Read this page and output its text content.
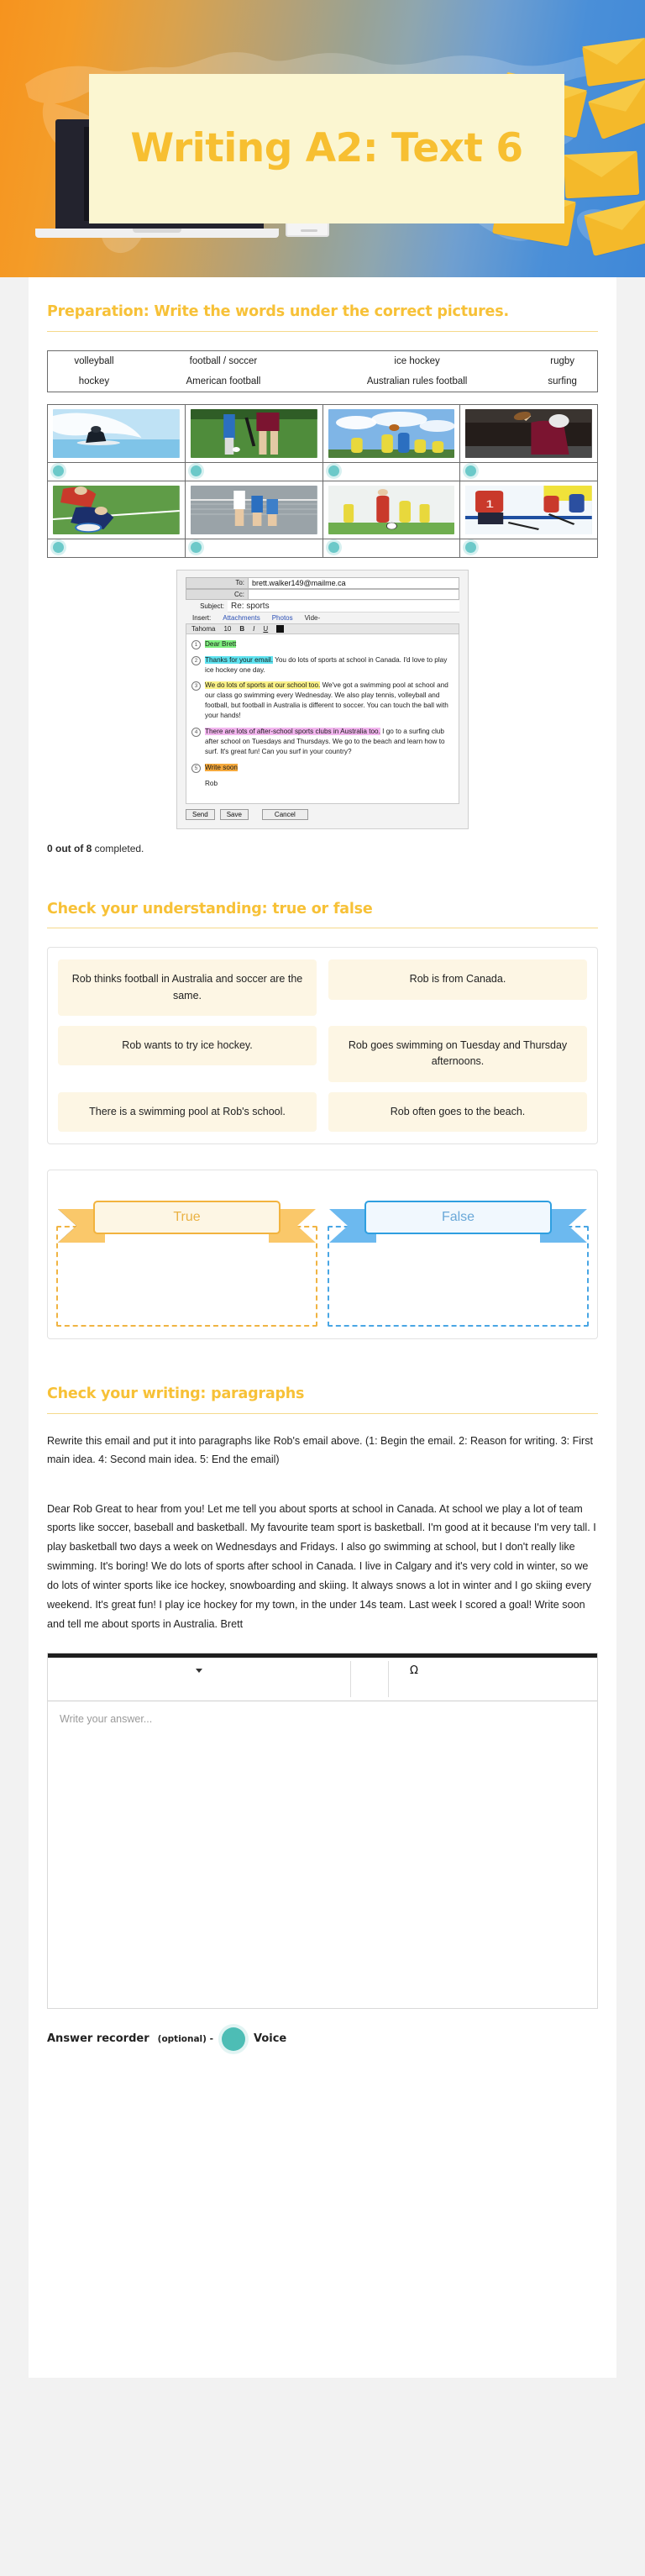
Writing A2: Text 6
Preparation: Write the words under the correct pictures.
volleyball	football / soccer	ice hockey	rugby
hockey	American football	Australian rules football	surfing

1

To:	brett.walker149@mailme.ca
Cc:
Subject: Re: sports
Insert: Attachments Photos Vide-
Tahoma 10 B I U
1	Dear Brett
2	Thanks for your email. You do lots of sports at school in Canada. I'd love to play ice hockey one day.
3	We do lots of sports at our school too. We've got a swimming pool at school and our class go swimming every Wednesday. We also play tennis, volleyball and football, but football in Australia is different to soccer. You can touch the ball with your hands!
4	There are lots of after-school sports clubs in Australia too. I go to a surfing club after school on Tuesdays and Thursdays. We go to the beach and learn how to surf. It's great fun! Can you surf in your country?
5	Write soon
Rob
Send	Save	Cancel
0 out of 8 completed.
Check your understanding: true or false
Rob thinks football in Australia and soccer are the same.
Rob is from Canada.
Rob wants to try ice hockey.	Rob goes swimming on Tuesday and Thursday afternoons.
There is a swimming pool at Rob's school.	Rob often goes to the beach.
True	False
Check your writing: paragraphs

Rewrite this email and put it into paragraphs like Rob's email above. (1: Begin the email. 2: Reason for writing. 3: First main idea. 4: Second main idea. 5: End the email)

Dear Rob Great to hear from you! Let me tell you about sports at school in Canada. At school we play a lot of team sports like soccer, baseball and basketball. My favourite team sport is basketball. I'm good at it because I'm very tall. I play basketball two days a week on Wednesdays and Fridays. I also go swimming at school, but I don't really like swimming. It's boring! We do lots of sports after school in Canada. I live in Calgary and it's very cold in winter, so we do lots of winter sports like ice hockey, snowboarding and skiing. It always snows a lot in winter and I go skiing every weekend. It's great fun! I play ice hockey for my town, in the under 14s team. Last week I scored a goal! Write soon and tell me about sports in Australia. Brett

Ω
Write your answer...
Answer recorder (optional) -	Voice
